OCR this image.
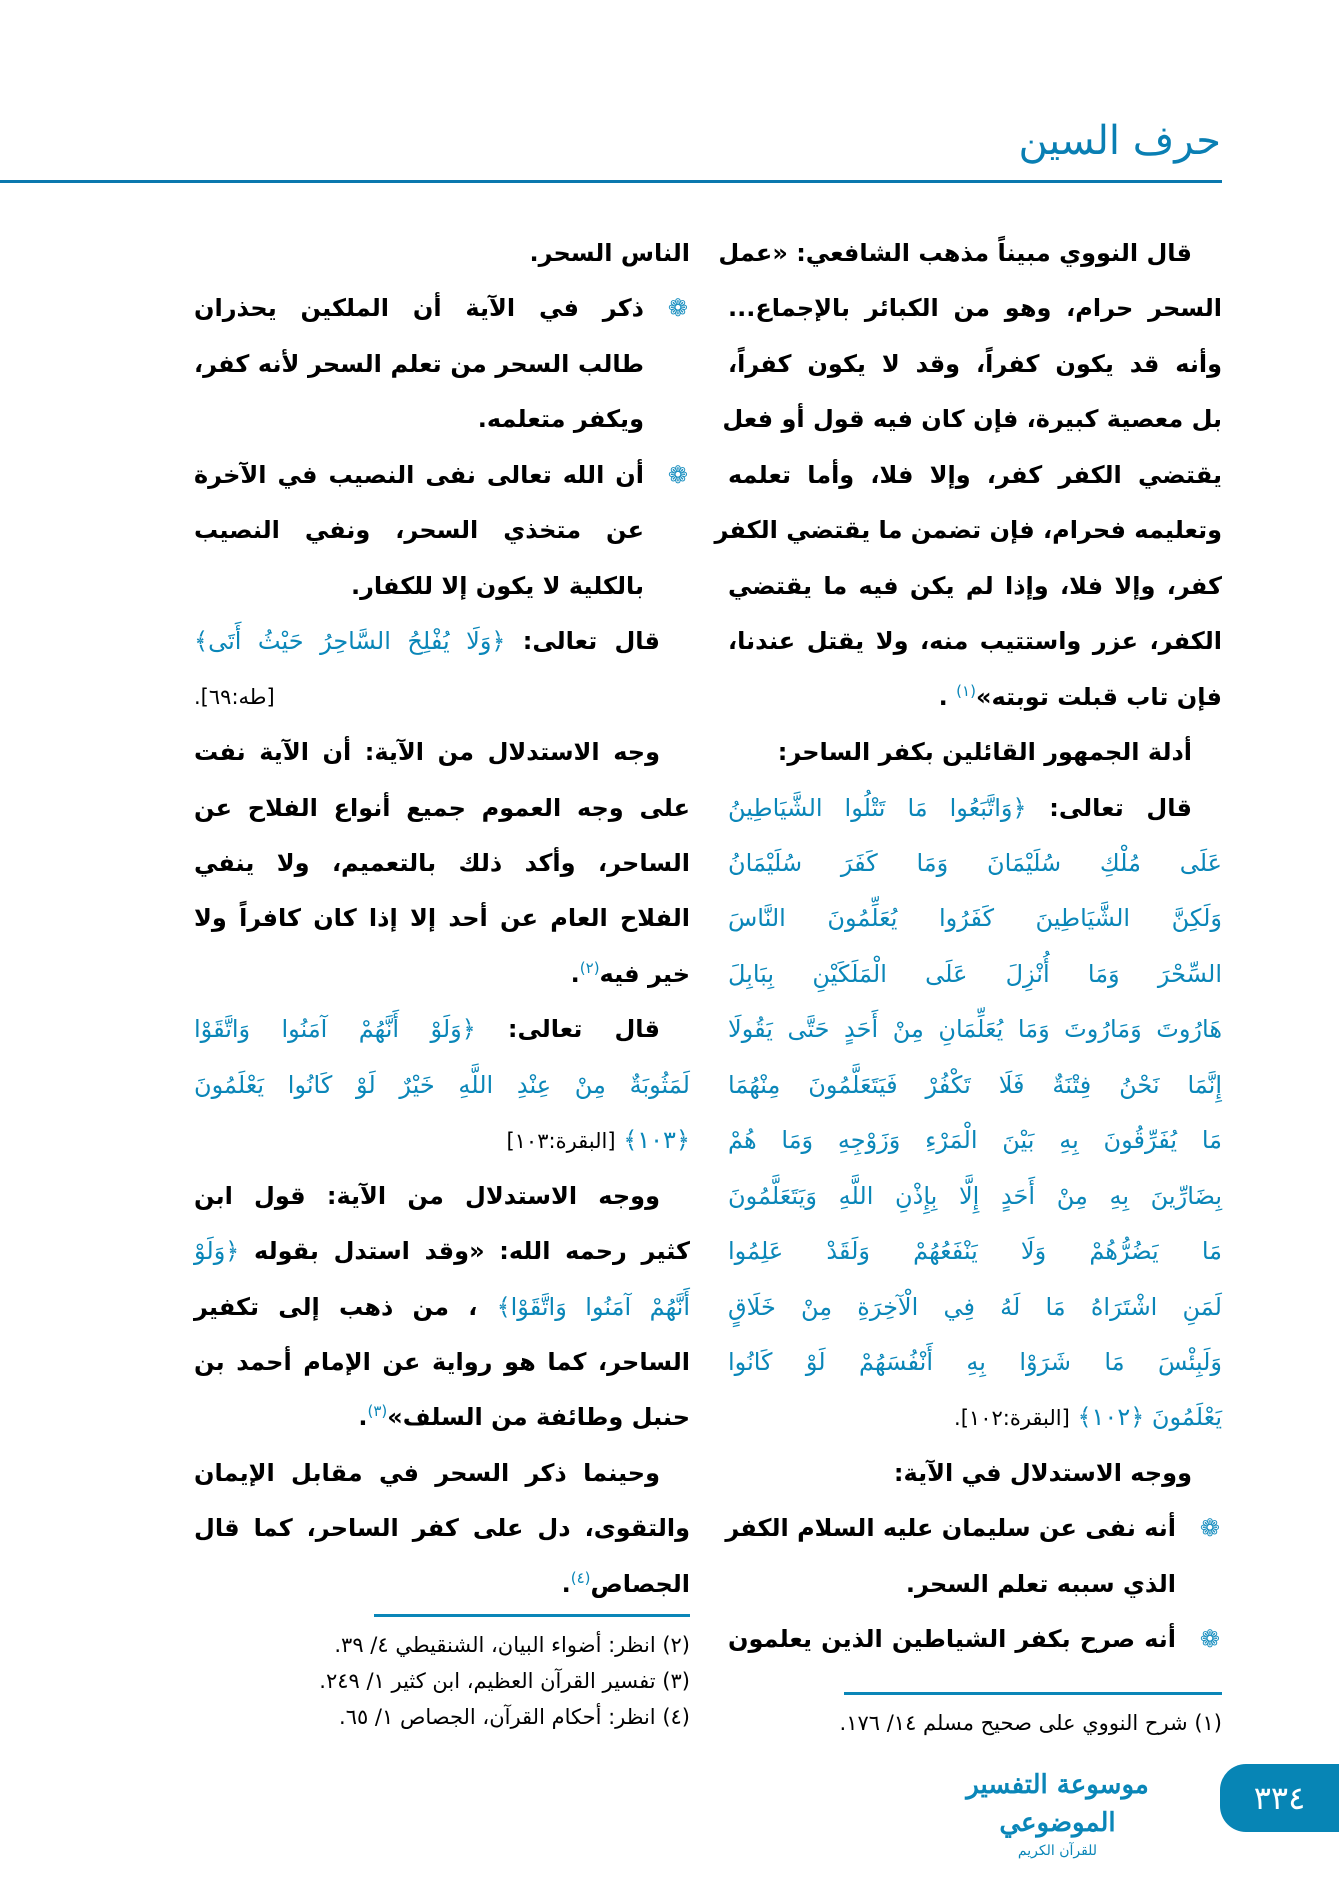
حرف السين
قال النووي مبيناً مذهب الشافعي: «عمل
السحر حرام، وهو من الكبائر بالإجماع...
وأنه قد يكون كفراً، وقد لا يكون كفراً،
بل معصية كبيرة، فإن كان فيه قول أو فعل
يقتضي الكفر كفر، وإلا فلا، وأما تعلمه
وتعليمه فحرام، فإن تضمن ما يقتضي الكفر
كفر، وإلا فلا، وإذا لم يكن فيه ما يقتضي
الكفر، عزر واستتيب منه، ولا يقتل عندنا،
فإن تاب قبلت توبته»$^{(١)}$ .
أدلة الجمهور القائلين بكفر الساحر:
قال تعالى: ﴿وَاتَّبَعُوا مَا تَتْلُوا الشَّيَاطِينُ
عَلَى مُلْكِ سُلَيْمَانَ وَمَا كَفَرَ سُلَيْمَانُ
وَلَكِنَّ الشَّيَاطِينَ كَفَرُوا يُعَلِّمُونَ النَّاسَ
السِّحْرَ وَمَا أُنْزِلَ عَلَى الْمَلَكَيْنِ بِبَابِلَ
هَارُوتَ وَمَارُوتَ وَمَا يُعَلِّمَانِ مِنْ أَحَدٍ حَتَّى يَقُولَا
إِنَّمَا نَحْنُ فِتْنَةٌ فَلَا تَكْفُرْ فَيَتَعَلَّمُونَ مِنْهُمَا
مَا يُفَرِّقُونَ بِهِ بَيْنَ الْمَرْءِ وَزَوْجِهِ وَمَا هُمْ
بِضَارِّينَ بِهِ مِنْ أَحَدٍ إِلَّا بِإِذْنِ اللَّهِ وَيَتَعَلَّمُونَ
مَا يَضُرُّهُمْ وَلَا يَنْفَعُهُمْ وَلَقَدْ عَلِمُوا
لَمَنِ اشْتَرَاهُ مَا لَهُ فِي الْآخِرَةِ مِنْ خَلَاقٍ
وَلَبِئْسَ مَا شَرَوْا بِهِ أَنْفُسَهُمْ لَوْ كَانُوا
يَعْلَمُونَ ﴿١٠٢﴾ [البقرة:١٠٢].
ووجه الاستدلال في الآية:
❁
أنه نفى عن سليمان عليه السلام الكفر
الذي سببه تعلم السحر.
❁
أنه صرح بكفر الشياطين الذين يعلمون
الناس السحر.
❁
ذكر في الآية أن الملكين يحذران
طالب السحر من تعلم السحر لأنه كفر،
ويكفر متعلمه.
❁
أن الله تعالى نفى النصيب في الآخرة
عن متخذي السحر، ونفي النصيب
بالكلية لا يكون إلا للكفار.
قال تعالى: ﴿وَلَا يُفْلِحُ السَّاحِرُ حَيْثُ أَتَى﴾
[طه:٦٩].
وجه الاستدلال من الآية: أن الآية نفت
على وجه العموم جميع أنواع الفلاح عن
الساحر، وأكد ذلك بالتعميم، ولا ينفي
الفلاح العام عن أحد إلا إذا كان كافراً ولا
خير فيه$^{(٢)}$.
قال تعالى: ﴿وَلَوْ أَنَّهُمْ آمَنُوا وَاتَّقَوْا
لَمَثُوبَةٌ مِنْ عِنْدِ اللَّهِ خَيْرٌ لَوْ كَانُوا يَعْلَمُونَ
﴿١٠٣﴾ [البقرة:١٠٣]
ووجه الاستدلال من الآية: قول ابن
كثير رحمه الله: «وقد استدل بقوله ﴿وَلَوْ
أَنَّهُمْ آمَنُوا وَاتَّقَوْا﴾ ، من ذهب إلى تكفير
الساحر، كما هو رواية عن الإمام أحمد بن
حنبل وطائفة من السلف»$^{(٣)}$.
وحينما ذكر السحر في مقابل الإيمان
والتقوى، دل على كفر الساحر، كما قال
الجصاص$^{(٤)}$.
(١) شرح النووي على صحيح مسلم ١٤/ ١٧٦.
(٢) انظر: أضواء البيان، الشنقيطي ٤/ ٣٩.
(٣) تفسير القرآن العظيم، ابن كثير ١/ ٢٤٩.
(٤) انظر: أحكام القرآن، الجصاص ١/ ٦٥.
موسوعة التفسير الموضوعي
للقرآن الكريم
٣٣٤
